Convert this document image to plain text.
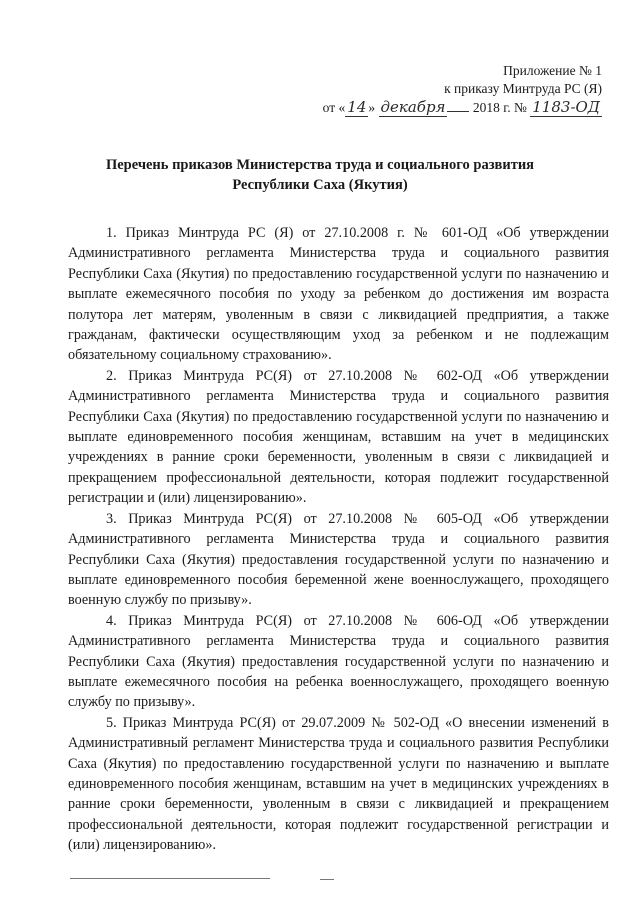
Приложение № 1
к приказу Минтруда РС (Я)
от « 14 » декабря 2018 г. № 1183-ОД
Перечень приказов Министерства труда и социального развития
Республики Саха (Якутия)

1. Приказ Минтруда РС (Я) от 27.10.2008 г. № 601-ОД «Об утверждении Административного регламента Министерства труда и социального развития Республики Саха (Якутия) по предоставлению государственной услуги по назначению и выплате ежемесячного пособия по уходу за ребенком до достижения им возраста полутора лет матерям, уволенным в связи с ликвидацией предприятия, а также гражданам, фактически осуществляющим уход за ребенком и не подлежащим обязательному социальному страхованию».

2. Приказ Минтруда РС(Я) от 27.10.2008 № 602-ОД «Об утверждении Административного регламента Министерства труда и социального развития Республики Саха (Якутия) по предоставлению государственной услуги по назначению и выплате единовременного пособия женщинам, вставшим на учет в медицинских учреждениях в ранние сроки беременности, уволенным в связи с ликвидацией и прекращением профессиональной деятельности, которая подлежит государственной регистрации и (или) лицензированию».

3. Приказ Минтруда РС(Я) от 27.10.2008 № 605-ОД «Об утверждении Административного регламента Министерства труда и социального развития Республики Саха (Якутия) предоставления государственной услуги по назначению и выплате единовременного пособия беременной жене военнослужащего, проходящего военную службу по призыву».

4. Приказ Минтруда РС(Я) от 27.10.2008 № 606-ОД «Об утверждении Административного регламента Министерства труда и социального развития Республики Саха (Якутия) предоставления государственной услуги по назначению и выплате ежемесячного пособия на ребенка военнослужащего, проходящего военную службу по призыву».

5. Приказ Минтруда РС(Я) от 29.07.2009 № 502-ОД «О внесении изменений в Административный регламент Министерства труда и социального развития Республики Саха (Якутия) по предоставлению государственной услуги по назначению и выплате единовременного пособия женщинам, вставшим на учет в медицинских учреждениях в ранние сроки беременности, уволенным в связи с ликвидацией и прекращением профессиональной деятельности, которая подлежит государственной регистрации и (или) лицензированию».
